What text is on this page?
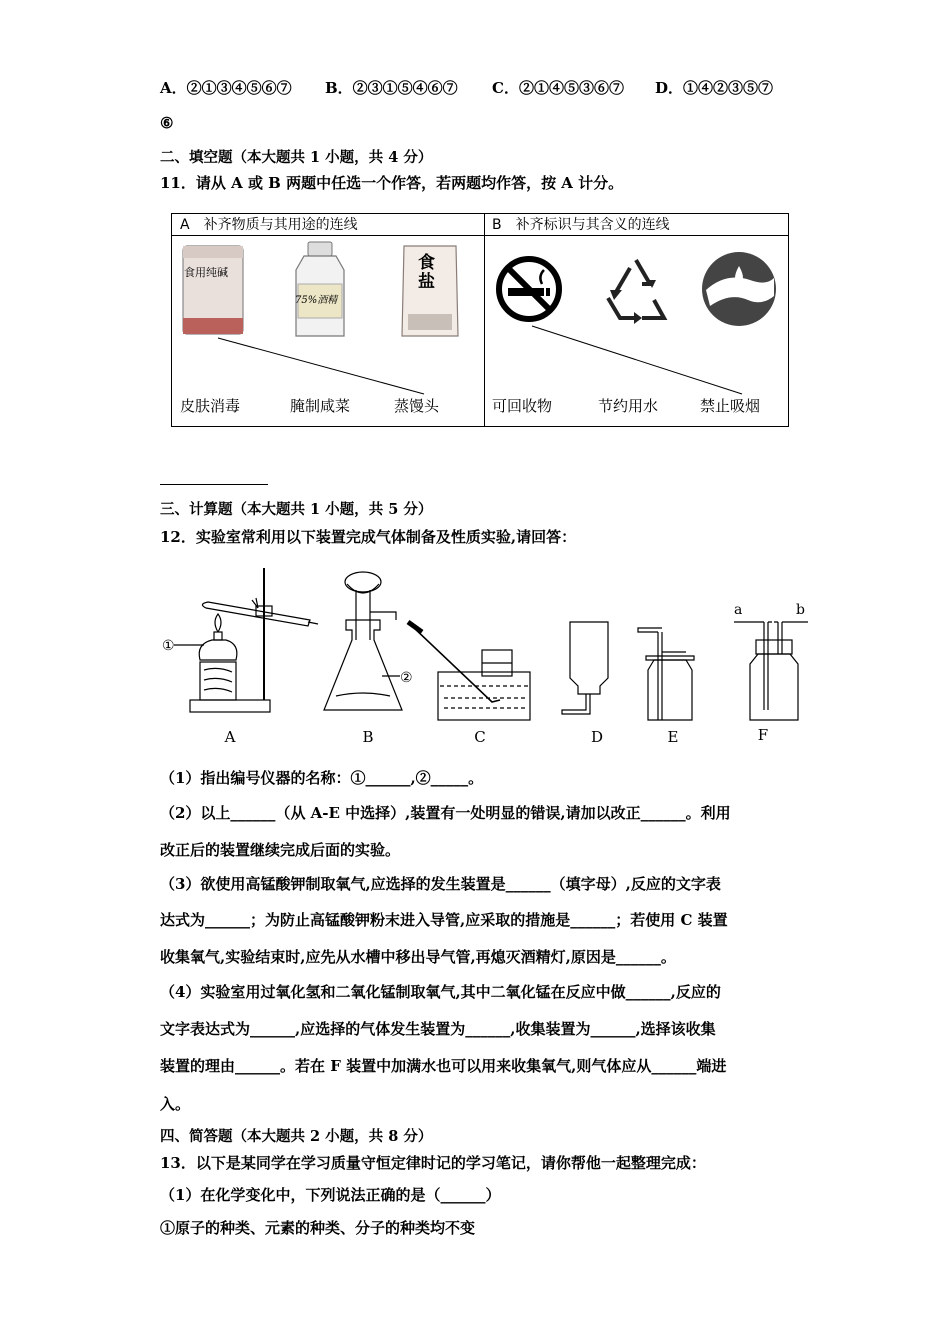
A．②①③④⑤⑥⑦ B．②③①⑤④⑥⑦ C．②①④⑤③⑥⑦ D．①④②③⑤⑦
⑥
二、填空题（本大题共 1 小题，共 4 分）
11．请从 A 或 B 两题中任选一个作答，若两题均作答，按 A 计分。
A　补齐物质与其用途的连线
食用纯碱
75%酒精
食盐
皮肤消毒	腌制咸菜	蒸馒头
B　补齐标识与其含义的连线
可回收物	节约用水	禁止吸烟
三、计算题（本大题共 1 小题，共 5 分）
12．实验室常利用以下装置完成气体制备及性质实验,请回答：
①
②
a	b
A	B	C	D	E	F
（1）指出编号仪器的名称：①______,②_____。
（2）以上______（从 A-E 中选择）,装置有一处明显的错误,请加以改正______。利用
改正后的装置继续完成后面的实验。
（3）欲使用高锰酸钾制取氧气,应选择的发生装置是______（填字母）,反应的文字表
达式为______；为防止高锰酸钾粉末进入导管,应采取的措施是______；若使用 C 装置
收集氧气,实验结束时,应先从水槽中移出导气管,再熄灭酒精灯,原因是______。
（4）实验室用过氧化氢和二氧化锰制取氧气,其中二氧化锰在反应中做______,反应的
文字表达式为______,应选择的气体发生装置为______,收集装置为______,选择该收集
装置的理由______。若在 F 装置中加满水也可以用来收集氧气,则气体应从______端进
入。
四、简答题（本大题共 2 小题，共 8 分）
13．以下是某同学在学习质量守恒定律时记的学习笔记，请你帮他一起整理完成：
（1）在化学变化中，下列说法正确的是（______）
①原子的种类、元素的种类、分子的种类均不变
